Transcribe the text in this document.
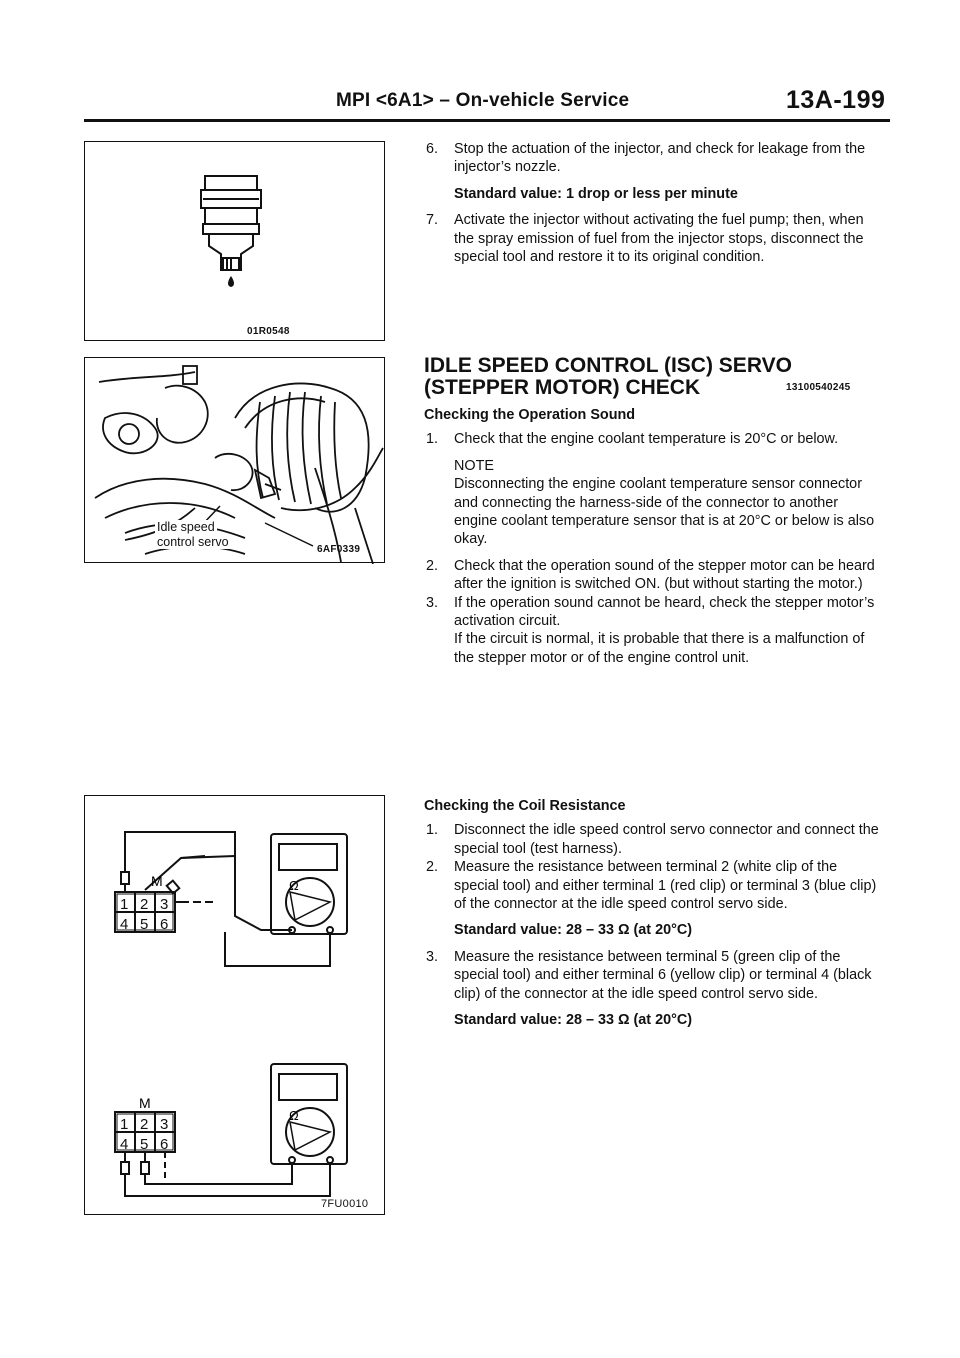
MPI <6A1> – On-vehicle Service	13A-199
01R0548
Idle speed
control servo
6AF0339
Ω
Ω
M
M
1 2 3
4 5 6
1 2 3
4 5 6
7FU0010

6. Stop the actuation of the injector, and check for leakage from the injector’s nozzle.

Standard value: 1 drop or less per minute

7. Activate the injector without activating the fuel pump; then, when the spray emission of fuel from the injector stops, disconnect the special tool and restore it to its original condition.

IDLE SPEED CONTROL (ISC) SERVO
(STEPPER MOTOR) CHECK	13100540245

Checking the Operation Sound

1. Check that the engine coolant temperature is 20°C or below.

NOTE

Disconnecting the engine coolant temperature sensor connector and connecting the harness-side of the connector to another engine coolant temperature sensor that is at 20°C or below is also okay.

2. Check that the operation sound of the stepper motor can be heard after the ignition is switched ON. (but without starting the motor.)

3. If the operation sound cannot be heard, check the stepper motor’s activation circuit.

If the circuit is normal, it is probable that there is a malfunction of the stepper motor or of the engine control unit.

Checking the Coil Resistance

1. Disconnect the idle speed control servo connector and connect the special tool (test harness).

2. Measure the resistance between terminal 2 (white clip of the special tool) and either terminal 1 (red clip) or terminal 3 (blue clip) of the connector at the idle speed control servo side.

Standard value: 28 – 33 Ω (at 20°C)

3. Measure the resistance between terminal 5 (green clip of the special tool) and either terminal 6 (yellow clip) or terminal 4 (black clip) of the connector at the idle speed control servo side.

Standard value: 28 – 33 Ω (at 20°C)
